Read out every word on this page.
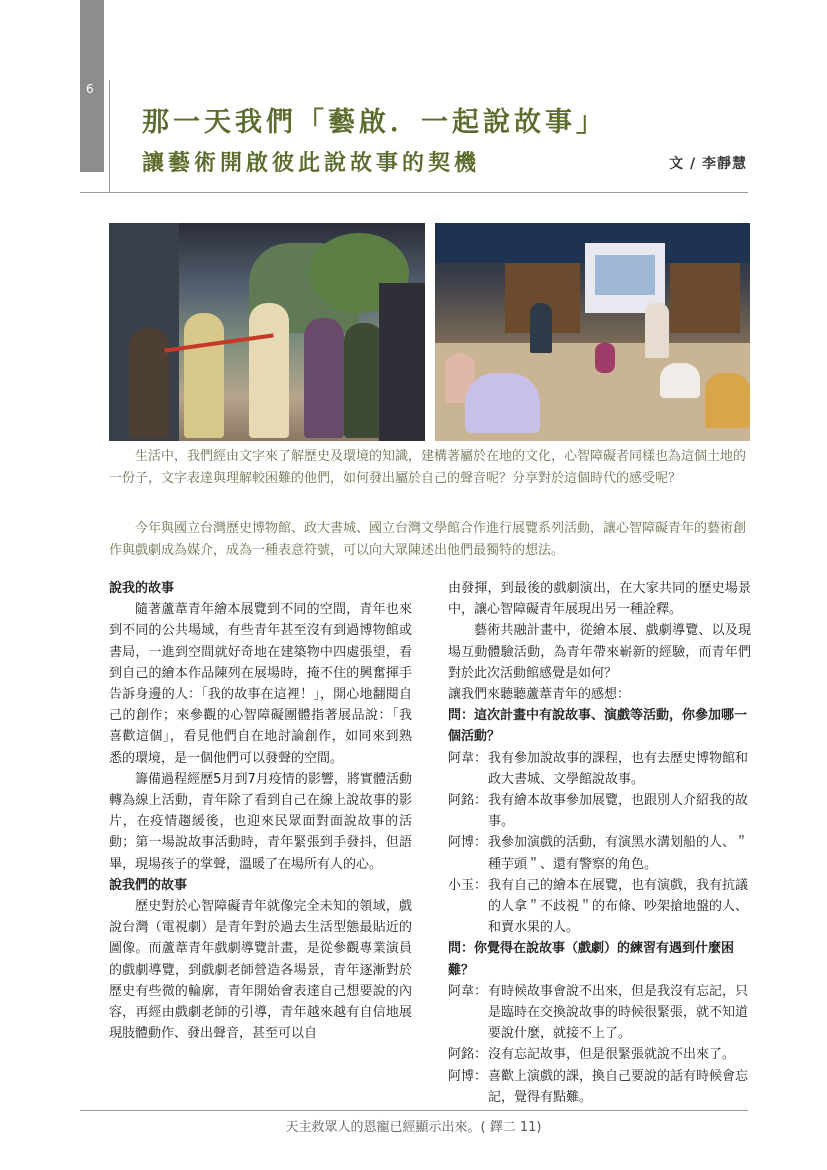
6
那一天我們「藝啟．一起說故事」
讓藝術開啟彼此說故事的契機	文 / 李靜慧
生活中，我們經由文字來了解歷史及環境的知識，建構著屬於在地的文化，心智障礙者同樣也為這個土地的一份子，文字表達與理解較困難的他們，如何發出屬於自己的聲音呢？分享對於這個時代的感受呢？
今年與國立台灣歷史博物館、政大書城、國立台灣文學館合作進行展覽系列活動，讓心智障礙青年的藝術創作與戲劇成為媒介，成為一種表意符號，可以向大眾陳述出他們最獨特的想法。
說我的故事
隨著蘆葦青年繪本展覽到不同的空間，青年也來到不同的公共場域，有些青年甚至沒有到過博物館或書局，一進到空間就好奇地在建築物中四處張望，看到自己的繪本作品陳列在展場時，掩不住的興奮揮手告訴身邊的人：「我的故事在這裡！」，開心地翻閱自己的創作；來參觀的心智障礙團體指著展品說：「我喜歡這個」，看見他們自在地討論創作，如同來到熟悉的環境，是一個他們可以發聲的空間。
籌備過程經歷5月到7月疫情的影響，將實體活動轉為線上活動，青年除了看到自己在線上說故事的影片，在疫情趨緩後，也迎來民眾面對面說故事的活動；第一場說故事活動時，青年緊張到手發抖，但語畢，現場孩子的掌聲，溫暖了在場所有人的心。
說我們的故事
歷史對於心智障礙青年就像完全未知的領域，戲說台灣（電視劇）是青年對於過去生活型態最貼近的圖像。而蘆葦青年戲劇導覽計畫，是從參觀專業演員的戲劇導覽，到戲劇老師營造各場景，青年逐漸對於歷史有些微的輪廓，青年開始會表達自己想要說的內容，再經由戲劇老師的引導，青年越來越有自信地展現肢體動作、發出聲音，甚至可以自
由發揮，到最後的戲劇演出，在大家共同的歷史場景中，讓心智障礙青年展現出另一種詮釋。
藝術共融計畫中，從繪本展、戲劇導覽、以及現場互動體驗活動，為青年帶來嶄新的經驗，而青年們對於此次活動館感覺是如何？
讓我們來聽聽蘆葦青年的感想：
問：這次計畫中有說故事、演戲等活動，你參加哪一個活動？
阿韋： 我有參加說故事的課程，也有去歷史博物館和政大書城、文學館說故事。
阿銘： 我有繪本故事參加展覽，也跟別人介紹我的故事。
阿博： 我參加演戲的活動，有演黑水溝划船的人、＂種芋頭＂、還有警察的角色。
小玉： 我有自己的繪本在展覽，也有演戲，我有抗議的人拿＂不歧視＂的布條、吵架搶地盤的人、和賣水果的人。
問：你覺得在說故事（戲劇）的練習有遇到什麼困難？
阿韋： 有時候故事會說不出來，但是我沒有忘記，只是臨時在交換說故事的時候很緊張，就不知道要說什麼，就接不上了。
阿銘： 沒有忘記故事，但是很緊張就說不出來了。
阿博： 喜歡上演戲的課，換自己要說的話有時候會忘記，覺得有點難。
天主救眾人的恩寵已經顯示出來。( 鐸二 11)
